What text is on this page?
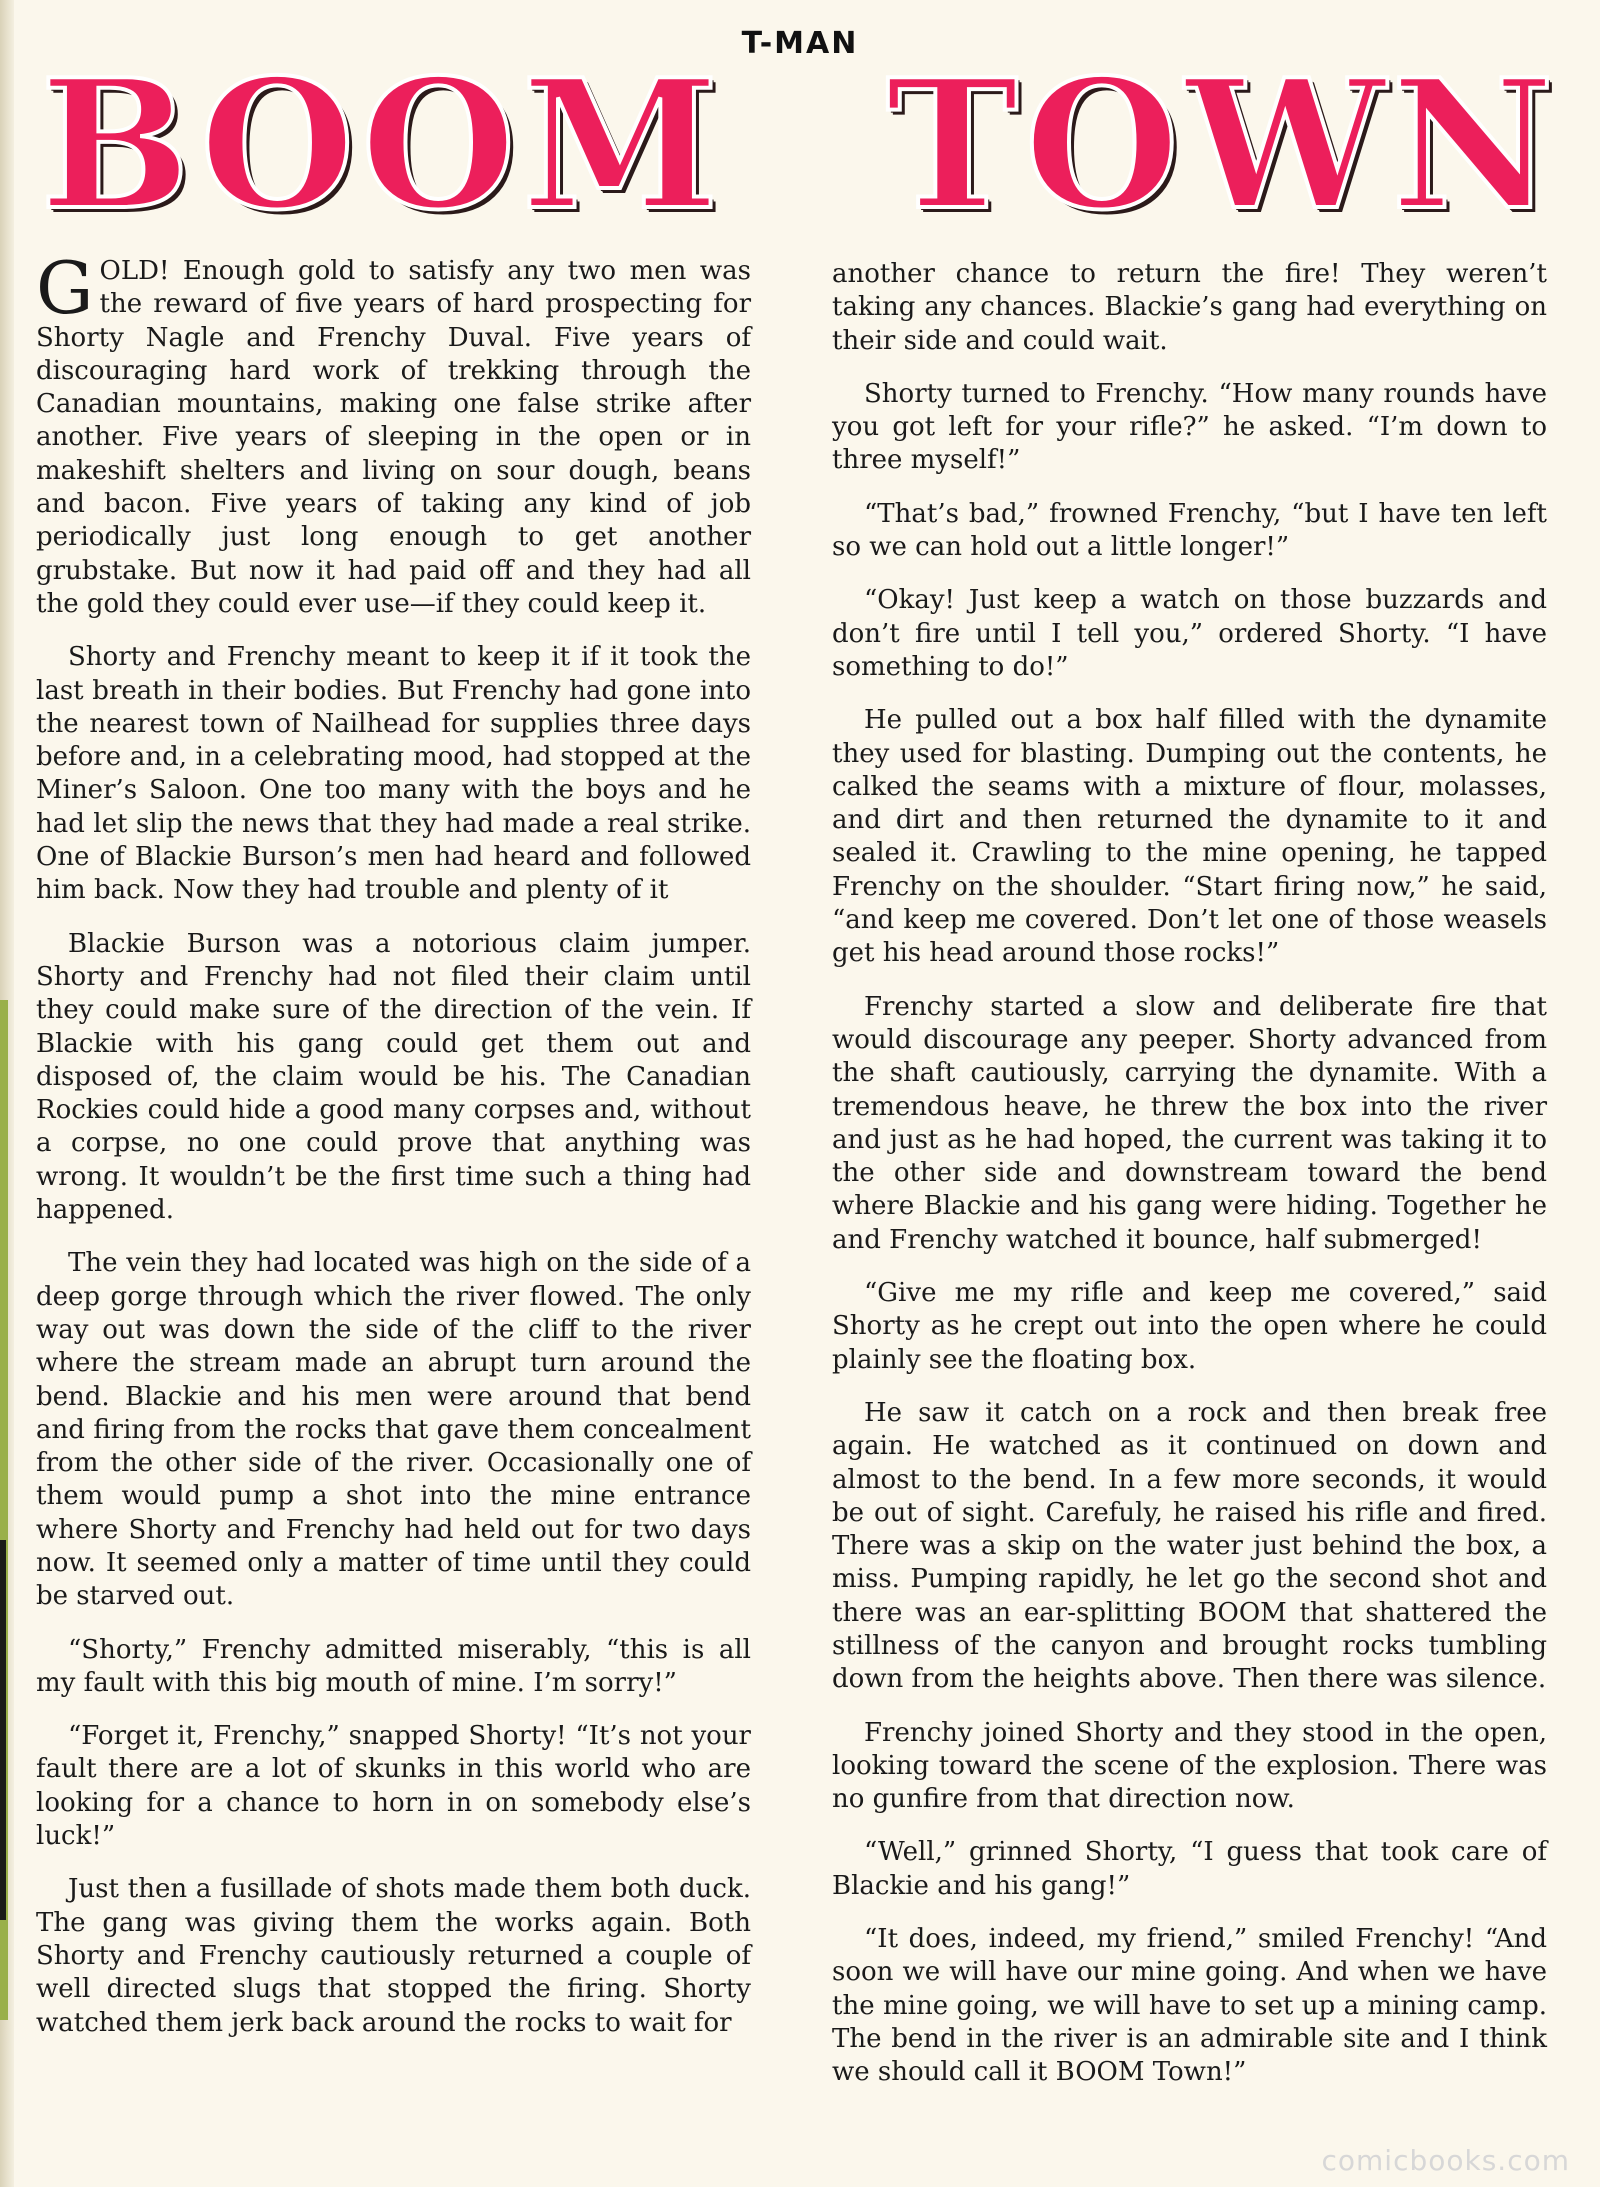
T-MAN
BOOM TOWN

GOLD! Enough gold to satisfy any two men was the reward of five years of hard prospecting for Shorty Nagle and Frenchy Duval. Five years of discouraging hard work of trekking through the Canadian mountains, making one false strike after another. Five years of sleeping in the open or in makeshift shelters and living on sour dough, beans and bacon. Five years of taking any kind of job periodically just long enough to get another grubstake. But now it had paid off and they had all the gold they could ever use—if they could keep it.

Shorty and Frenchy meant to keep it if it took the last breath in their bodies. But Frenchy had gone into the nearest town of Nailhead for supplies three days before and, in a celebrating mood, had stopped at the Miner’s Saloon. One too many with the boys and he had let slip the news that they had made a real strike. One of Blackie Burson’s men had heard and followed him back. Now they had trouble and plenty of it

Blackie Burson was a notorious claim jumper. Shorty and Frenchy had not filed their claim until they could make sure of the direction of the vein. If Blackie with his gang could get them out and disposed of, the claim would be his. The Canadian Rockies could hide a good many corpses and, without a corpse, no one could prove that anything was wrong. It wouldn’t be the first time such a thing had happened.

The vein they had located was high on the side of a deep gorge through which the river flowed. The only way out was down the side of the cliff to the river where the stream made an abrupt turn around the bend. Blackie and his men were around that bend and firing from the rocks that gave them concealment from the other side of the river. Occasionally one of them would pump a shot into the mine entrance where Shorty and Frenchy had held out for two days now. It seemed only a matter of time until they could be starved out.

“Shorty,” Frenchy admitted miserably, “this is all my fault with this big mouth of mine. I’m sorry!”

“Forget it, Frenchy,” snapped Shorty! “It’s not your fault there are a lot of skunks in this world who are looking for a chance to horn in on somebody else’s luck!”

Just then a fusillade of shots made them both duck. The gang was giving them the works again. Both Shorty and Frenchy cautiously returned a couple of well directed slugs that stopped the firing. Shorty watched them jerk back around the rocks to wait for

another chance to return the fire! They weren’t taking any chances. Blackie’s gang had everything on their side and could wait.

Shorty turned to Frenchy. “How many rounds have you got left for your rifle?” he asked. “I’m down to three myself!”

“That’s bad,” frowned Frenchy, “but I have ten left so we can hold out a little longer!”

“Okay! Just keep a watch on those buzzards and don’t fire until I tell you,” ordered Shorty. “I have something to do!”

He pulled out a box half filled with the dynamite they used for blasting. Dumping out the contents, he calked the seams with a mixture of flour, molasses, and dirt and then returned the dynamite to it and sealed it. Crawling to the mine opening, he tapped Frenchy on the shoulder. “Start firing now,” he said, “and keep me covered. Don’t let one of those weasels get his head around those rocks!”

Frenchy started a slow and deliberate fire that would discourage any peeper. Shorty advanced from the shaft cautiously, carrying the dynamite. With a tremendous heave, he threw the box into the river and just as he had hoped, the current was taking it to the other side and downstream toward the bend where Blackie and his gang were hiding. Together he and Frenchy watched it bounce, half submerged!

“Give me my rifle and keep me covered,” said Shorty as he crept out into the open where he could plainly see the floating box.

He saw it catch on a rock and then break free again. He watched as it continued on down and almost to the bend. In a few more seconds, it would be out of sight. Carefuly, he raised his rifle and fired. There was a skip on the water just behind the box, a miss. Pumping rapidly, he let go the second shot and there was an ear-splitting BOOM that shattered the stillness of the canyon and brought rocks tumbling down from the heights above. Then there was silence.

Frenchy joined Shorty and they stood in the open, looking toward the scene of the explosion. There was no gunfire from that direction now.

“Well,” grinned Shorty, “I guess that took care of Blackie and his gang!”

“It does, indeed, my friend,” smiled Frenchy! “And soon we will have our mine going. And when we have the mine going, we will have to set up a mining camp. The bend in the river is an admirable site and I think we should call it BOOM Town!”

comicbooks.com
